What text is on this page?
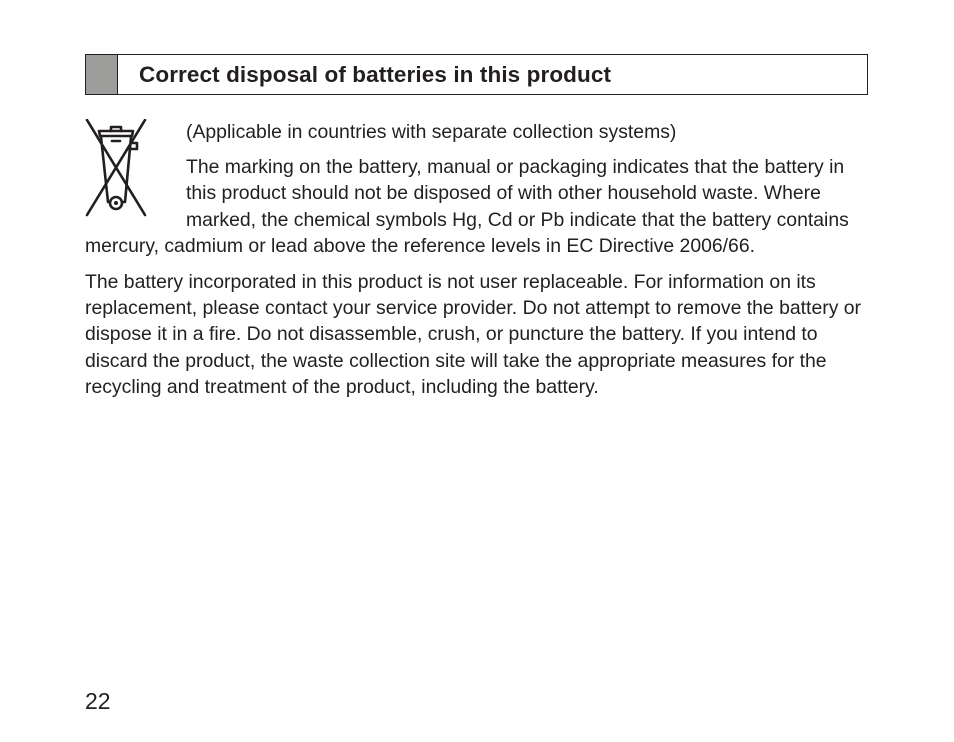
Correct disposal of batteries in this product

(Applicable in countries with separate collection systems)

The marking on the battery, manual or packaging indicates that the battery in this product should not be disposed of with other household waste. Where marked, the chemical symbols Hg, Cd or Pb indicate that the battery contains mercury, cadmium or lead above the reference levels in EC Directive 2006/66.

The battery incorporated in this product is not user replaceable. For information on its replacement, please contact your service provider. Do not attempt to remove the battery or dispose it in a fire. Do not disassemble, crush, or puncture the battery. If you intend to discard the product, the waste collection site will take the appropriate measures for the recycling and treatment of the product, including the battery.

22
